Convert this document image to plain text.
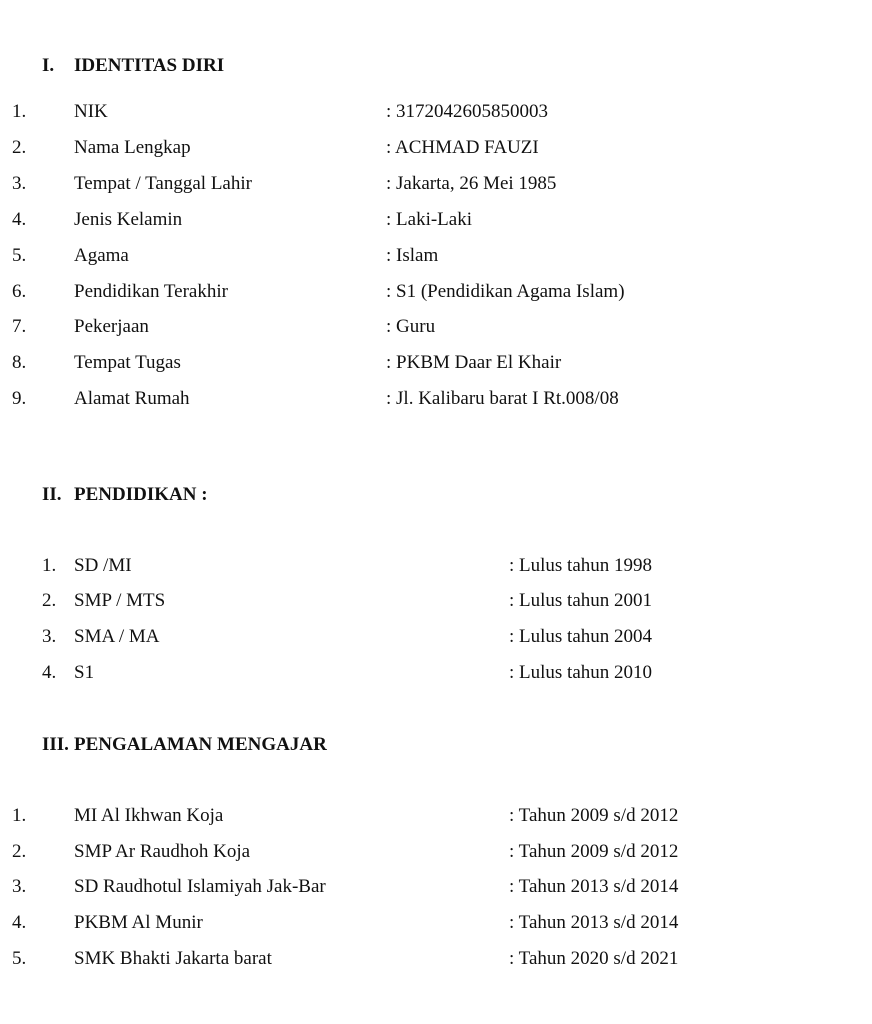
I. IDENTITAS DIRI
1.	NIK	: 3172042605850003
2.	Nama Lengkap	: ACHMAD FAUZI
3.	Tempat / Tanggal Lahir	: Jakarta, 26 Mei 1985
4.	Jenis Kelamin	: Laki-Laki
5.	Agama	: Islam
6.	Pendidikan Terakhir	: S1 (Pendidikan Agama Islam)
7.	Pekerjaan	: Guru
8.	Tempat Tugas	: PKBM Daar El Khair
9.	Alamat Rumah	: Jl. Kalibaru barat I Rt.008/08
II. PENDIDIKAN :
1. SD /MI	: Lulus tahun 1998
2. SMP / MTS	: Lulus tahun 2001
3. SMA / MA	: Lulus tahun 2004
4. S1	: Lulus tahun 2010
III. PENGALAMAN MENGAJAR
1.	MI Al Ikhwan Koja	: Tahun 2009 s/d 2012
2.	SMP Ar Raudhoh Koja	: Tahun 2009 s/d 2012
3.	SD Raudhotul Islamiyah Jak-Bar	: Tahun 2013 s/d 2014
4.	PKBM Al Munir	: Tahun 2013 s/d 2014
5.	SMK Bhakti Jakarta barat	: Tahun 2020 s/d 2021
